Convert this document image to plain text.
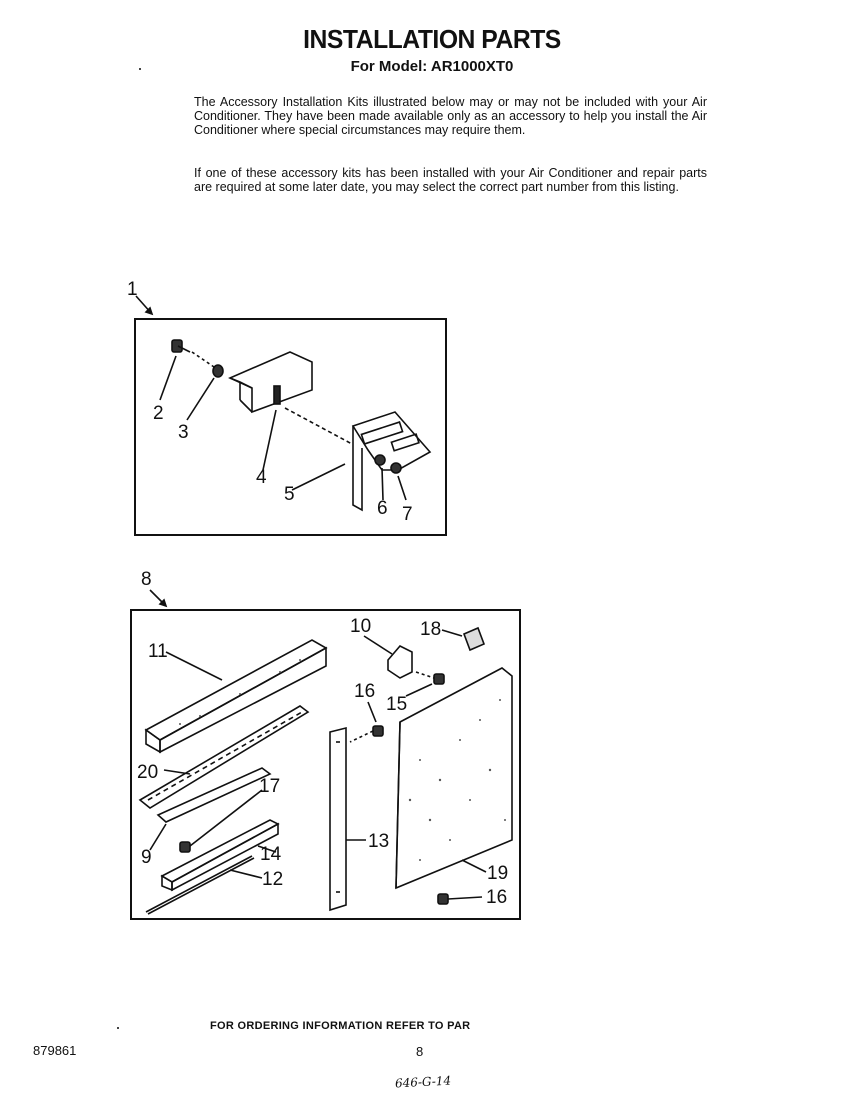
INSTALLATION PARTS
For Model: AR1000XT0
The Accessory Installation Kits illustrated below may or may not be included with your Air Conditioner. They have been made available only as an accessory to help you install the Air Conditioner where special circumstances may require them.
If one of these accessory kits has been installed with your Air Conditioner and repair parts are required at some later date, you may select the correct part number from this listing.
1
2
3
4
5
6 7
8
11
10	18
16
15
20
17
9	14
12
13
19
16
FOR ORDERING INFORMATION REFER TO PAR
879861	8
646-G-14
